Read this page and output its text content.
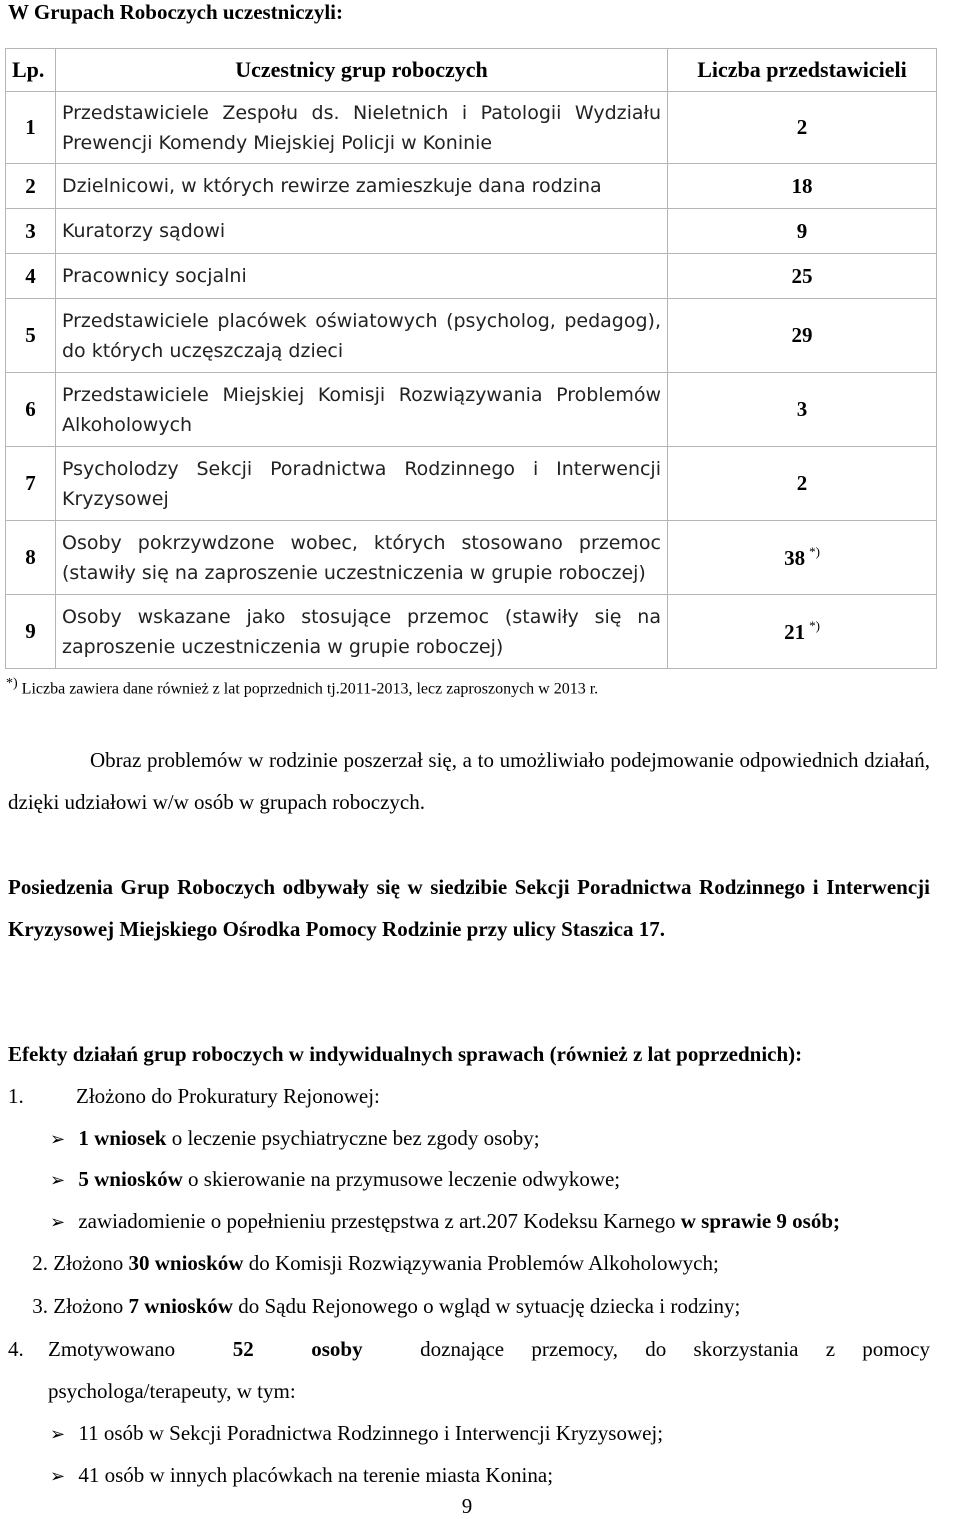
W Grupach Roboczych uczestniczyli:
Lp.	Uczestnicy grup roboczych	Liczba przedstawicieli
1	Przedstawiciele Zespołu ds. Nieletnich i Patologii Wydziału Prewencji Komendy Miejskiej Policji w Koninie	2
2	Dzielnicowi, w których rewirze zamieszkuje dana rodzina	18
3	Kuratorzy sądowi	9
4	Pracownicy socjalni	25
5	Przedstawiciele placówek oświatowych (psycholog, pedagog), do których uczęszczają dzieci	29
6	Przedstawiciele Miejskiej Komisji Rozwiązywania Problemów Alkoholowych	3
7	Psycholodzy Sekcji Poradnictwa Rodzinnego i Interwencji Kryzysowej	2
8	Osoby pokrzywdzone wobec, których stosowano przemoc (stawiły się na zaproszenie uczestniczenia w grupie roboczej)	38 *)
9	Osoby wskazane jako stosujące przemoc (stawiły się na zaproszenie uczestniczenia w grupie roboczej)	21 *)
*) Liczba zawiera dane również z lat poprzednich tj.2011-2013, lecz zaproszonych w 2013 r.
Obraz problemów w rodzinie poszerzał się, a to umożliwiało podejmowanie odpowiednich działań, dzięki udziałowi w/w osób w grupach roboczych.
Posiedzenia Grup Roboczych odbywały się w siedzibie Sekcji Poradnictwa Rodzinnego i Interwencji Kryzysowej Miejskiego Ośrodka Pomocy Rodzinie przy ulicy Staszica 17.
Efekty działań grup roboczych w indywidualnych sprawach (również z lat poprzednich):
1. Złożono do Prokuratury Rejonowej:
➢ 1 wniosek o leczenie psychiatryczne bez zgody osoby;
➢ 5 wniosków o skierowanie na przymusowe leczenie odwykowe;
➢ zawiadomienie o popełnieniu przestępstwa z art.207 Kodeksu Karnego w sprawie 9 osób;
2. Złożono 30 wniosków do Komisji Rozwiązywania Problemów Alkoholowych;
3. Złożono 7 wniosków do Sądu Rejonowego o wgląd w sytuację dziecka i rodziny;
4.	Zmotywowano	52	osoby	doznające przemocy, do skorzystania z pomocy
psychologa/terapeuty, w tym:
➢ 11 osób w Sekcji Poradnictwa Rodzinnego i Interwencji Kryzysowej;
➢ 41 osób w innych placówkach na terenie miasta Konina;
9
